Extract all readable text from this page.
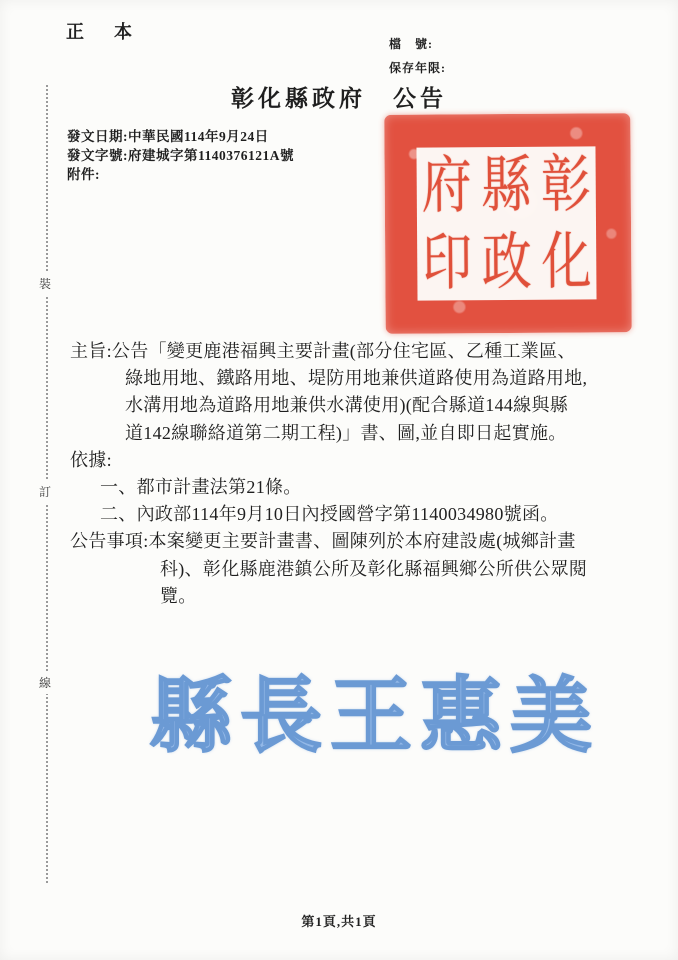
正　本
檔　號:
保存年限:
彰化縣政府　公告
發文日期:中華民國114年9月24日
發文字號:府建城字第1140376121A號
附件:	彰
化
縣
政
府
印
主旨:公告「變更鹿港福興主要計畫(部分住宅區、乙種工業區、
綠地用地、鐵路用地、堤防用地兼供道路使用為道路用地,
水溝用地為道路用地兼供水溝使用)(配合縣道144線與縣
道142線聯絡道第二期工程)」書、圖,並自即日起實施。
依據:
一、都市計畫法第21條。
二、內政部114年9月10日內授國營字第1140034980號函。
公告事項:本案變更主要計畫書、圖陳列於本府建設處(城鄉計畫
科)、彰化縣鹿港鎮公所及彰化縣福興鄉公所供公眾閱
覽。
縣長王惠美
裝
訂
線
第1頁,共1頁
